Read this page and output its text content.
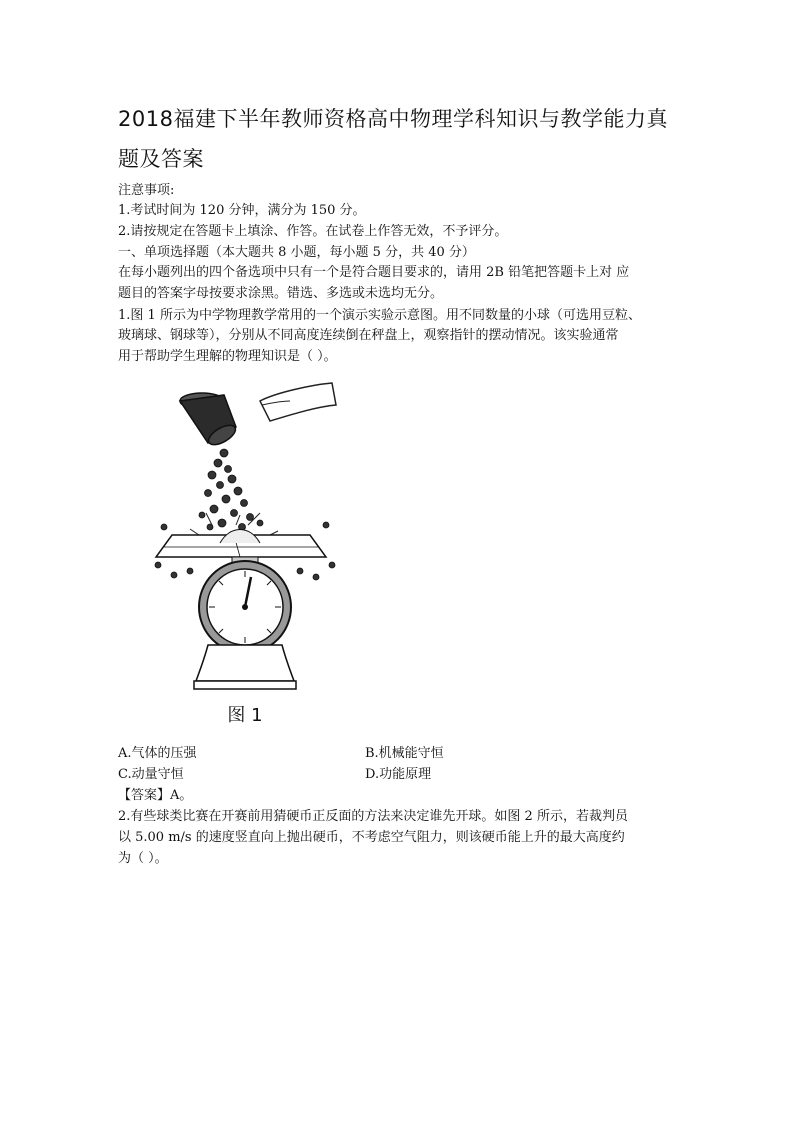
2018福建下半年教师资格高中物理学科知识与教学能力真
题及答案
注意事项:
1.考试时间为 120 分钟，满分为 150 分。
2.请按规定在答题卡上填涂、作答。在试卷上作答无效，不予评分。
一、单项选择题（本大题共 8 小题，每小题 5 分，共 40 分）
在每小题列出的四个备选项中只有一个是符合题目要求的，请用 2B 铅笔把答题卡上对 应
题目的答案字母按要求涂黑。错选、多选或未选均无分。
1.图 1 所示为中学物理教学常用的一个演示实验示意图。用不同数量的小球（可选用豆粒、
玻璃球、钢球等），分别从不同高度连续倒在秤盘上，观察指针的摆动情况。该实验通常
用于帮助学生理解的物理知识是（ ）。
图 1
A.气体的压强	B.机械能守恒
C.动量守恒	D.功能原理
【答案】A。
2.有些球类比赛在开赛前用猜硬币正反面的方法来决定谁先开球。如图 2 所示，若裁判员
以 5.00 m/s 的速度竖直向上抛出硬币，不考虑空气阻力，则该硬币能上升的最大高度约
为（ ）。
